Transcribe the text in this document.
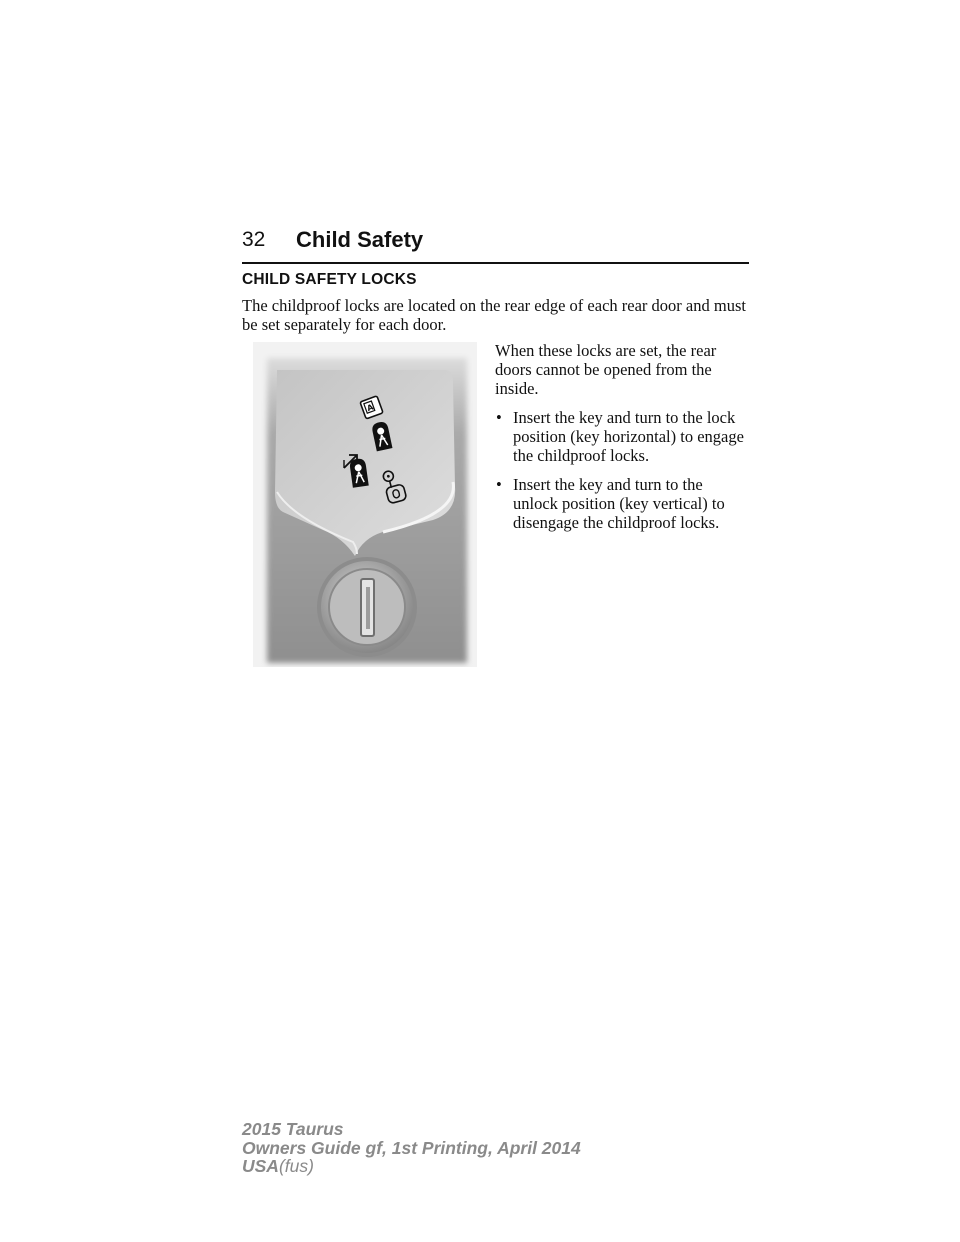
32 Child Safety
CHILD SAFETY LOCKS
The childproof locks are located on the rear edge of each rear door and must be set separately for each door.
A

When these locks are set, the rear doors cannot be opened from the inside.

• Insert the key and turn to the lock position (key horizontal) to engage the childproof locks.
• Insert the key and turn to the unlock position (key vertical) to disengage the childproof locks.
2015 Taurus
Owners Guide gf, 1st Printing, April 2014
USA(fus)
